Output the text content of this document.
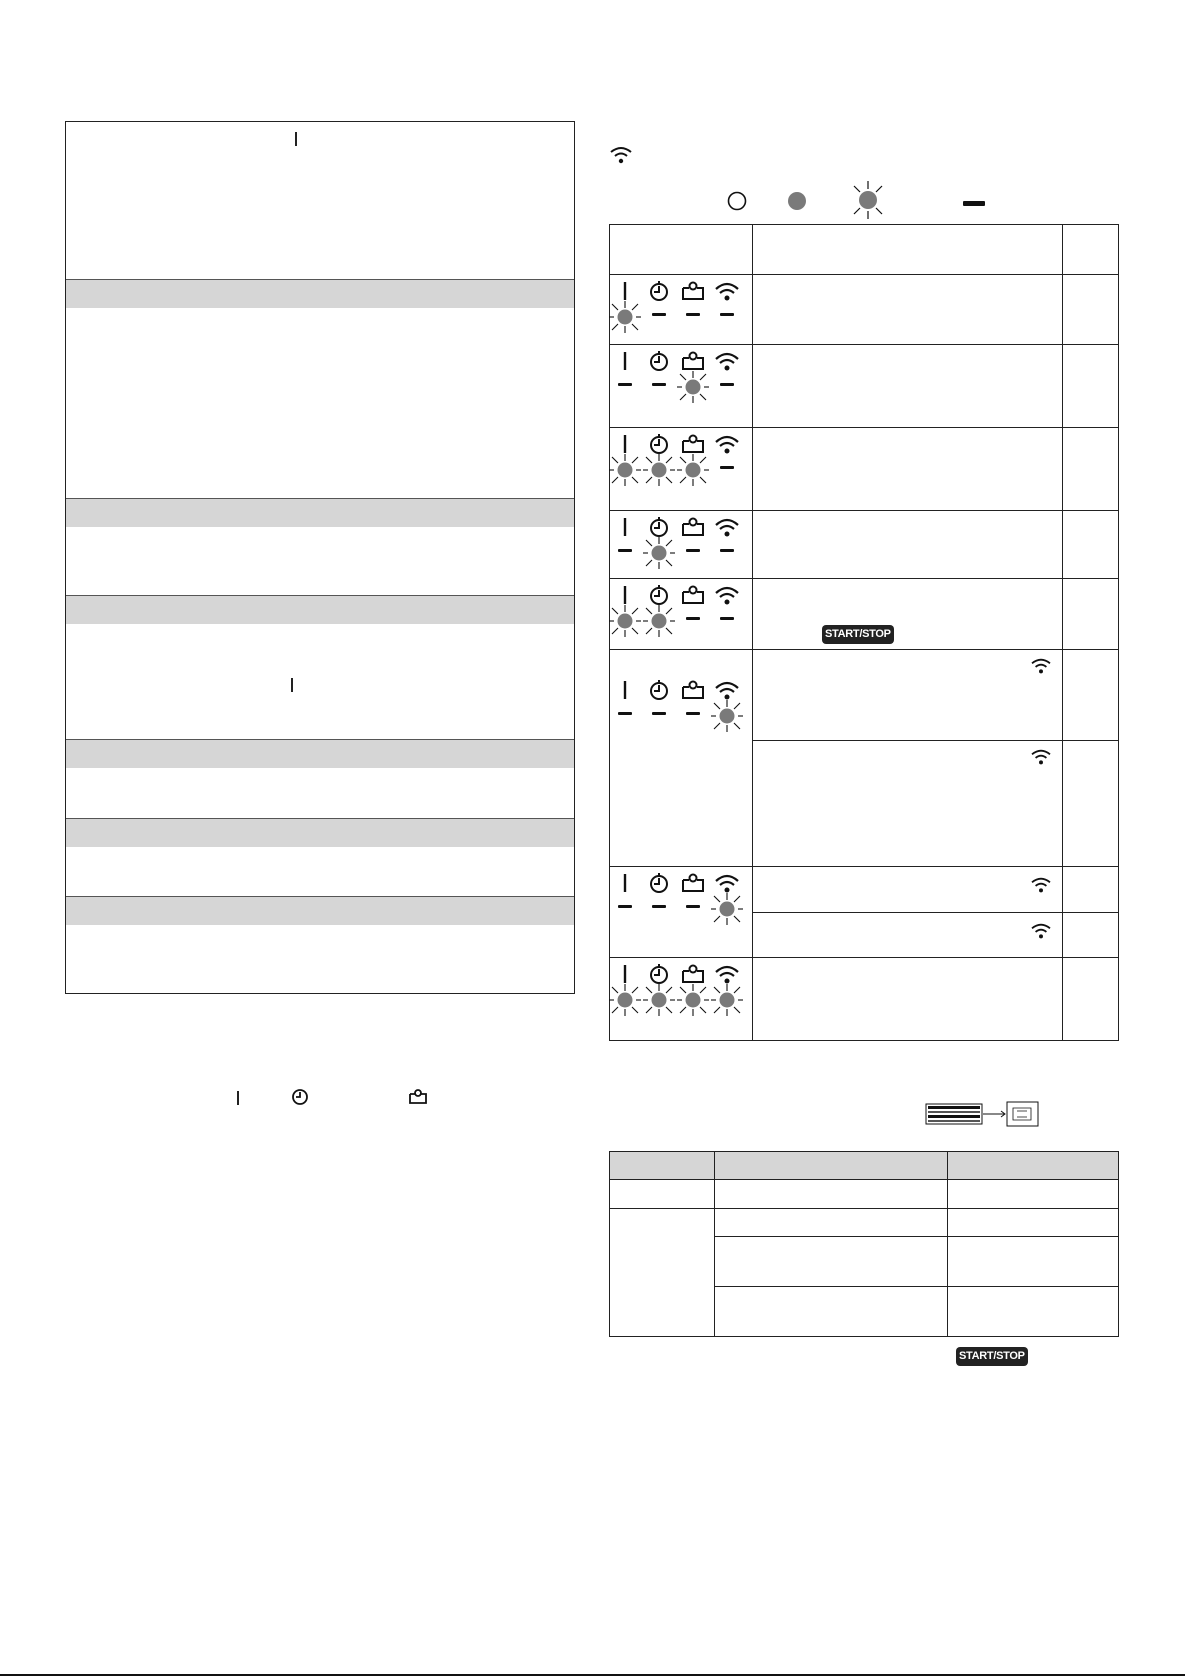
START/STOP
START/STOP
